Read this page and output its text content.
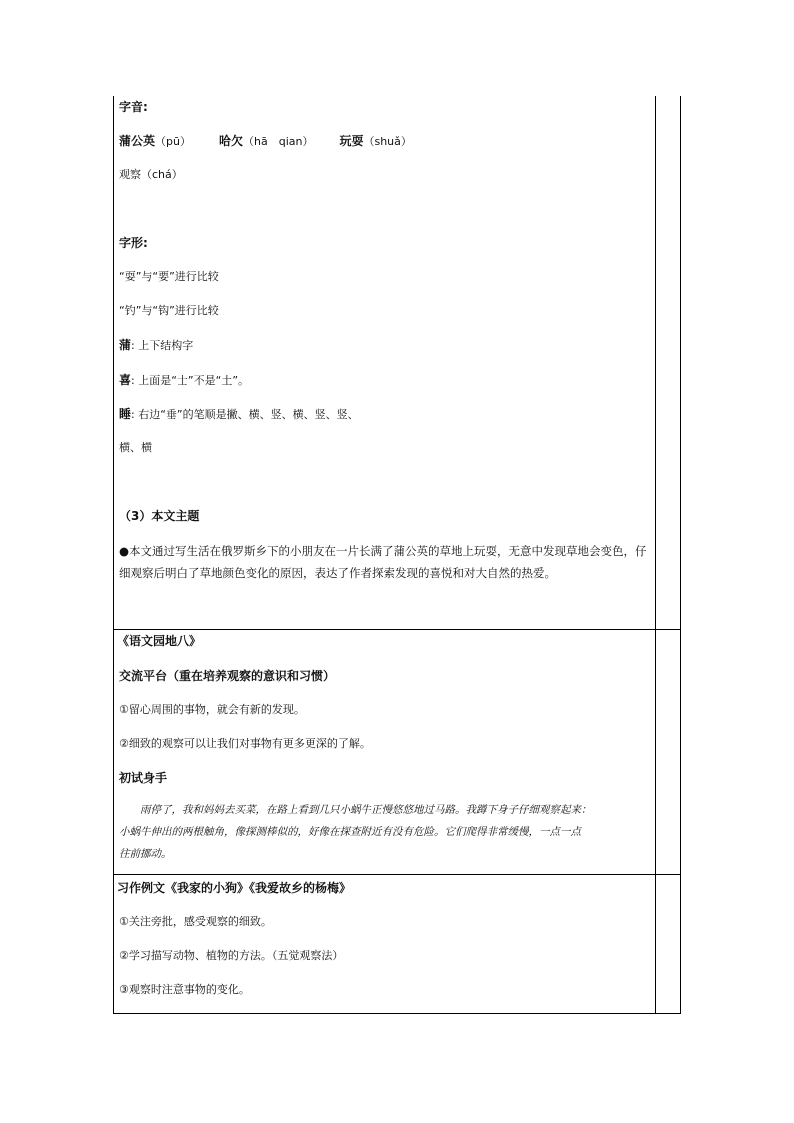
字音:
蒲公英（pū） 哈欠（hā　qian） 玩耍（shuǎ）
观察（chá）
字形:
“耍”与“要”进行比较
“钓”与“钩”进行比较
蒲: 上下结构字
喜: 上面是“士”不是“土”。
睡: 右边“垂”的笔顺是撇、横、竖、横、竖、竖、
横、横
（3）本文主题
●本文通过写生活在俄罗斯乡下的小朋友在一片长满了蒲公英的草地上玩耍，无意中发现草地会变色，仔细观察后明白了草地颜色变化的原因，表达了作者探索发现的喜悦和对大自然的热爱。
《语文园地八》
交流平台（重在培养观察的意识和习惯）
①留心周围的事物，就会有新的发现。
②细致的观察可以让我们对事物有更多更深的了解。
初试身手

　　雨停了，我和妈妈去买菜，在路上看到几只小蜗牛正慢悠悠地过马路。我蹲下身子仔细观察起来：

小蜗牛伸出的两根触角，像探测棒似的，好像在探查附近有没有危险。它们爬得非常缓慢，一点一点

往前挪动。

习作例文《我家的小狗》《我爱故乡的杨梅》
①关注旁批，感受观察的细致。
②学习描写动物、植物的方法。（五觉观察法）
③观察时注意事物的变化。
